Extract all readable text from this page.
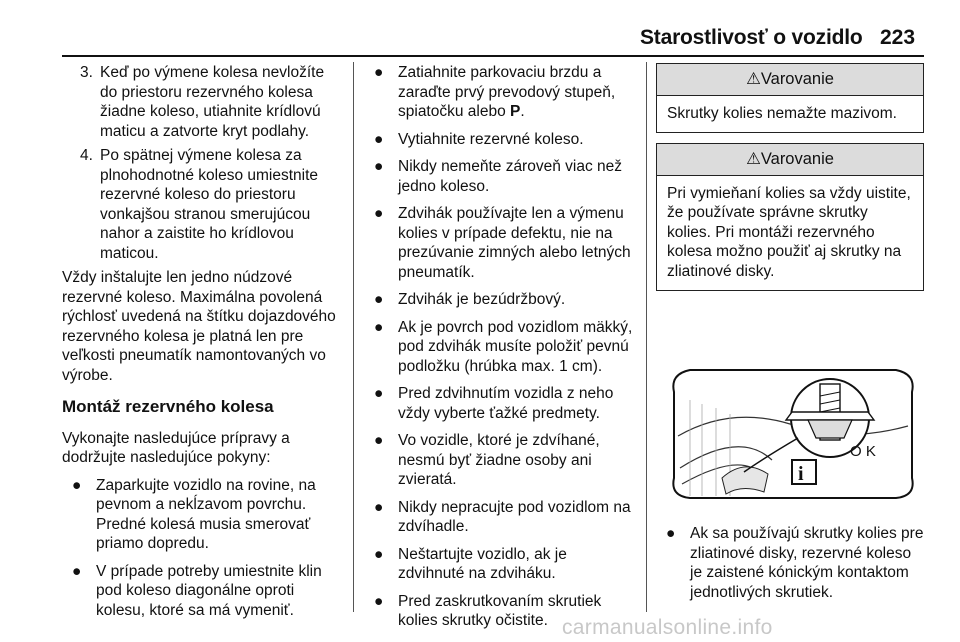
Starostlivosť o vozidlo 223
3. Keď po výmene kolesa nevložíte do priestoru rezervného kolesa žiadne koleso, utiahnite krídlovú maticu a zatvorte kryt podlahy.
4. Po spätnej výmene kolesa za plnohodnotné koleso umiestnite rezervné koleso do priestoru vonkajšou stranou smerujúcou nahor a zaistite ho krídlovou maticou.

Vždy inštalujte len jedno núdzové rezervné koleso. Maximálna povolená rýchlosť uvedená na štítku dojazdového rezervného kolesa je platná len pre veľkosti pneumatík namontovaných vo výrobe.

Montáž rezervného kolesa

Vykonajte nasledujúce prípravy a dodržujte nasledujúce pokyny:

● Zaparkujte vozidlo na rovine, na pevnom a nekĺzavom povrchu. Predné kolesá musia smerovať priamo dopredu.
● V prípade potreby umiestnite klin pod koleso diagonálne oproti kolesu, ktoré sa má vymeniť.
● Zatiahnite parkovaciu brzdu a zaraďte prvý prevodový stupeň, spiatočku alebo P.
● Vytiahnite rezervné koleso.
● Nikdy nemeňte zároveň viac než jedno koleso.
● Zdvihák používajte len a výmenu kolies v prípade defektu, nie na prezúvanie zimných alebo letných pneumatík.
● Zdvihák je bezúdržbový.
● Ak je povrch pod vozidlom mäkký, pod zdvihák musíte položiť pevnú podložku (hrúbka max. 1 cm).
● Pred zdvihnutím vozidla z neho vždy vyberte ťažké predmety.
● Vo vozidle, ktoré je zdvíhané, nesmú byť žiadne osoby ani zvieratá.
● Nikdy nepracujte pod vozidlom na zdvíhadle.
● Neštartujte vozidlo, ak je zdvihnuté na zdviháku.
● Pred zaskrutkovaním skrutiek kolies skrutky očistite.
⚠Varovanie
Skrutky kolies nemažte mazivom.
⚠Varovanie
Pri vymieňaní kolies sa vždy uistite, že používate správne skrutky kolies. Pri montáži rezervného kolesa možno použiť aj skrutky na zliatinové disky.
O K
i
● Ak sa používajú skrutky kolies pre zliatinové disky, rezervné koleso je zaistené kónickým kontaktom jednotlivých skrutiek.
carmanualsonline.info
